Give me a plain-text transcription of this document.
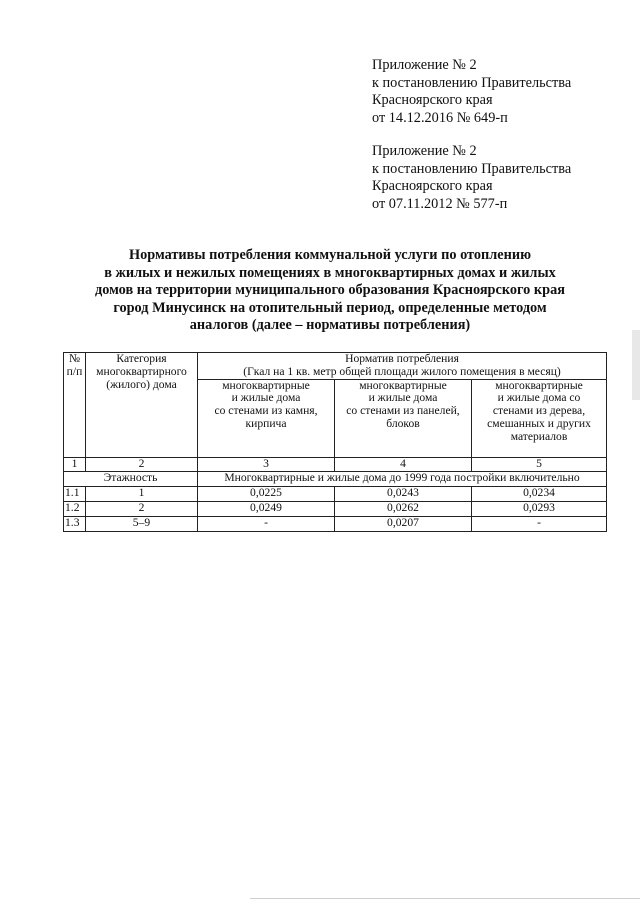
Приложение № 2
к постановлению Правительства
Красноярского края
от 14.12.2016 № 649-п
Приложение № 2
к постановлению Правительства
Красноярского края
от 07.11.2012 № 577-п
Нормативы потребления коммунальной услуги по отоплению
в жилых и нежилых помещениях в многоквартирных домах и жилых
домов на территории муниципального образования Красноярского края
город Минусинск на отопительный период, определенные методом
аналогов (далее – нормативы потребления)
№
п/п	Категория
многоквартирного
(жилого) дома	Норматив потребления
(Гкал на 1 кв. метр общей площади жилого помещения в месяц)		

		многоквартирные
и жилые дома
со стенами из камня,
кирпича	многоквартирные
и жилые дома
со стенами из панелей,
блоков	многоквартирные
и жилые дома со
стенами из дерева,
смешанных и других
материалов

1	2	3	4	5
Этажность		Многоквартирные и жилые дома до 1999 года постройки включительно		
1.1	1	0,0225	0,0243	0,0234
1.2	2	0,0249	0,0262	0,0293
1.3	5–9	-	0,0207	-
